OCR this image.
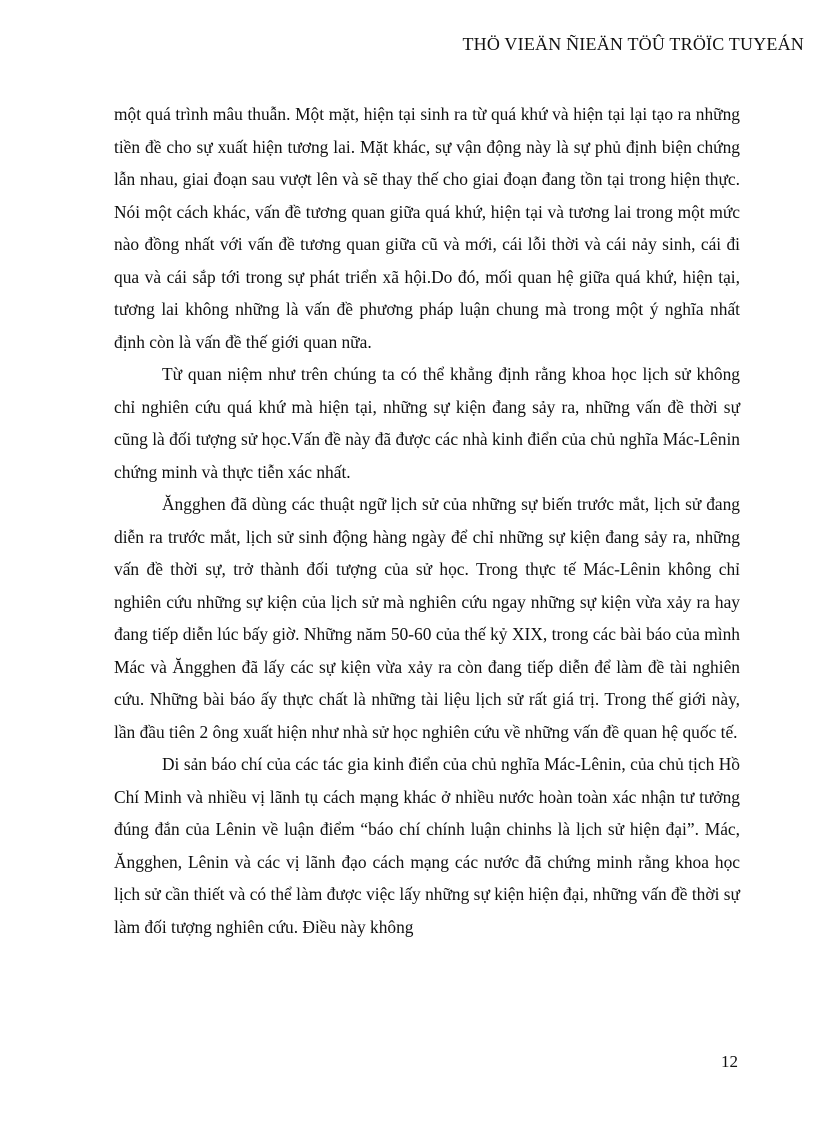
THÖ VIEÄN ÑIEÄN TÖÛ TRÖÏC TUYEÁN

một quá trình mâu thuẫn. Một mặt, hiện tại sinh ra từ quá khứ và hiện tại lại tạo ra những tiền đề cho sự xuất hiện tương lai. Mặt khác, sự vận động này là sự phủ định biện chứng lẫn nhau, giai đoạn sau vượt lên và sẽ thay thế cho giai đoạn đang tồn tại trong hiện thực. Nói một cách khác, vấn đề tương quan giữa quá khứ, hiện tại và tương lai trong một mức nào đồng nhất với vấn đề tương quan giữa cũ và mới, cái lỗi thời và cái nảy sinh, cái đi qua và cái sắp tới trong sự phát triển xã hội.Do đó, mối quan hệ giữa quá khứ, hiện tại, tương lai không những là vấn đề phương pháp luận chung mà trong một ý nghĩa nhất định còn là vấn đề thế giới quan nữa.

Từ quan niệm như trên chúng ta có thể khẳng định rằng khoa học lịch sử không chỉ nghiên cứu quá khứ mà hiện tại, những sự kiện đang sảy ra, những vấn đề thời sự cũng là đối tượng sử học.Vấn đề này đã được các nhà kinh điển của chủ nghĩa Mác-Lênin chứng minh và thực tiễn xác nhất.

Ăngghen đã dùng các thuật ngữ lịch sử của những sự biến trước mắt, lịch sử đang diễn ra trước mắt, lịch sử sinh động hàng ngày để chỉ những sự kiện đang sảy ra, những vấn đề thời sự, trở thành đối tượng của sử học. Trong thực tế Mác-Lênin không chỉ nghiên cứu những sự kiện của lịch sử mà nghiên cứu ngay những sự kiện vừa xảy ra hay đang tiếp diễn lúc bấy giờ. Những năm 50-60 của thế kỷ XIX, trong các bài báo của mình Mác và Ăngghen đã lấy các sự kiện vừa xảy ra còn đang tiếp diễn để làm đề tài nghiên cứu. Những bài báo ấy thực chất là những tài liệu lịch sử rất giá trị. Trong thế giới này, lần đầu tiên 2 ông xuất hiện như nhà sử học nghiên cứu về những vấn đề quan hệ quốc tế.

Di sản báo chí của các tác gia kinh điển của chủ nghĩa Mác-Lênin, của chủ tịch Hồ Chí Minh và nhiều vị lãnh tụ cách mạng khác ở nhiều nước hoàn toàn xác nhận tư tưởng đúng đắn của Lênin về luận điểm “báo chí chính luận chinhs là lịch sử hiện đại”. Mác, Ăngghen, Lênin và các vị lãnh đạo cách mạng các nước đã chứng minh rằng khoa học lịch sử cần thiết và có thể làm được việc lấy những sự kiện hiện đại, những vấn đề thời sự làm đối tượng nghiên cứu. Điều này không

12
